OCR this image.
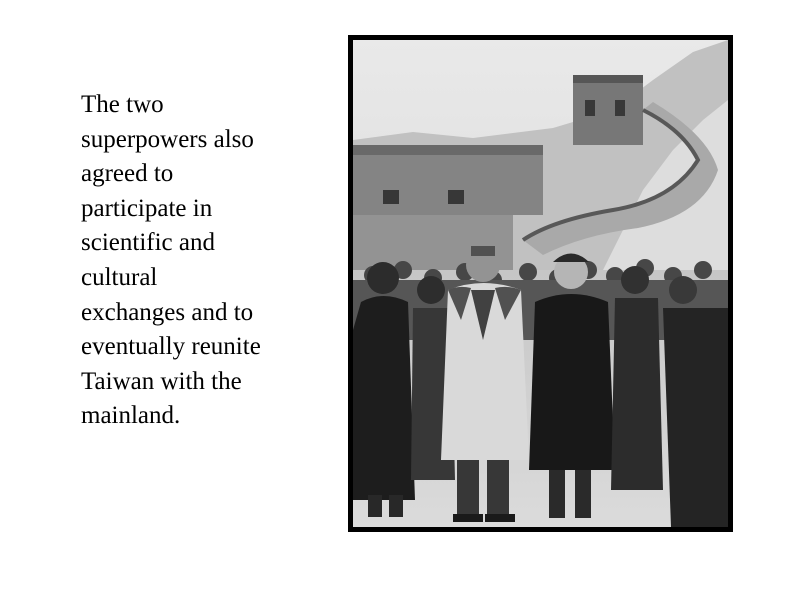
The two
superpowers also
agreed to
participate in
scientific and
cultural
exchanges and to
eventually reunite
Taiwan with the
mainland.
